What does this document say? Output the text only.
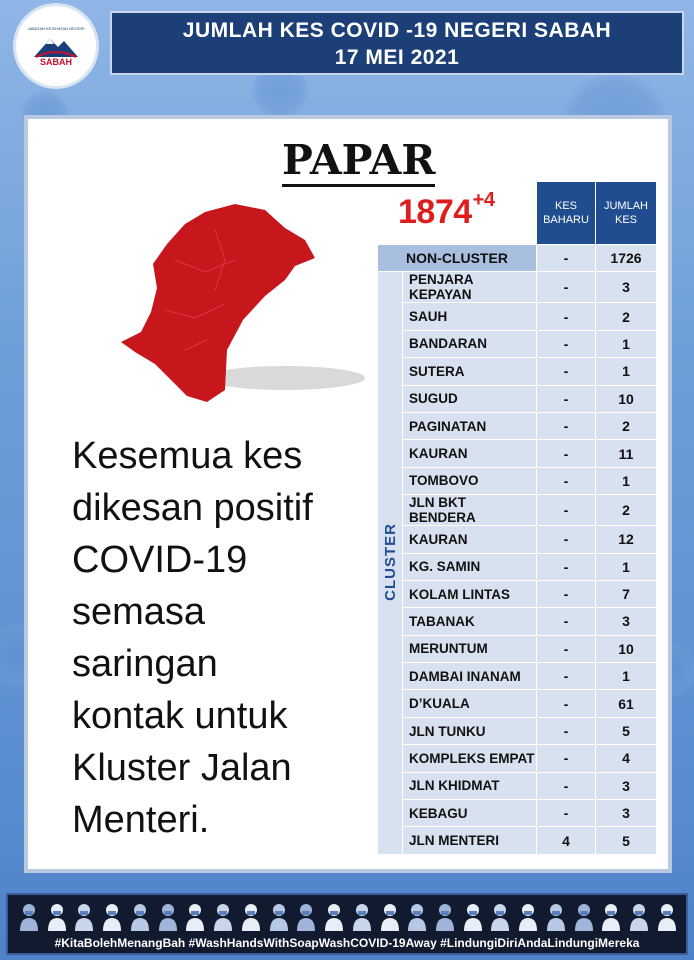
JABATAN KESIHATAN NEGERI
SABAH
JUMLAH KES COVID -19 NEGERI SABAH
17 MEI 2021
PAPAR
$1874^{+4}$
Kesemua kes
dikesan positif
COVID-19
semasa
saringan
kontak untuk
Kluster Jalan
Menteri.
		KES BAHARU	JUMLAH KES
NON-CLUSTER		-	1726
CLUSTER	PENJARA KEPAYAN	-	3
	SAUH	-	2
	BANDARAN	-	1
	SUTERA	-	1
	SUGUD	-	10
	PAGINATAN	-	2
	KAURAN	-	11
	TOMBOVO	-	1
	JLN BKT BENDERA	-	2
	KAURAN	-	12
	KG. SAMIN	-	1
	KOLAM LINTAS	-	7
	TABANAK	-	3
	MERUNTUM	-	10
	DAMBAI INANAM	-	1
	D’KUALA	-	61
	JLN TUNKU	-	5
	KOMPLEKS EMPAT	-	4
	JLN KHIDMAT	-	3
	KEBAGU	-	3
	JLN MENTERI	4	5
#KitaBolehMenangBah #WashHandsWithSoapWashCOVID-19Away #LindungiDiriAndaLindungiMereka
